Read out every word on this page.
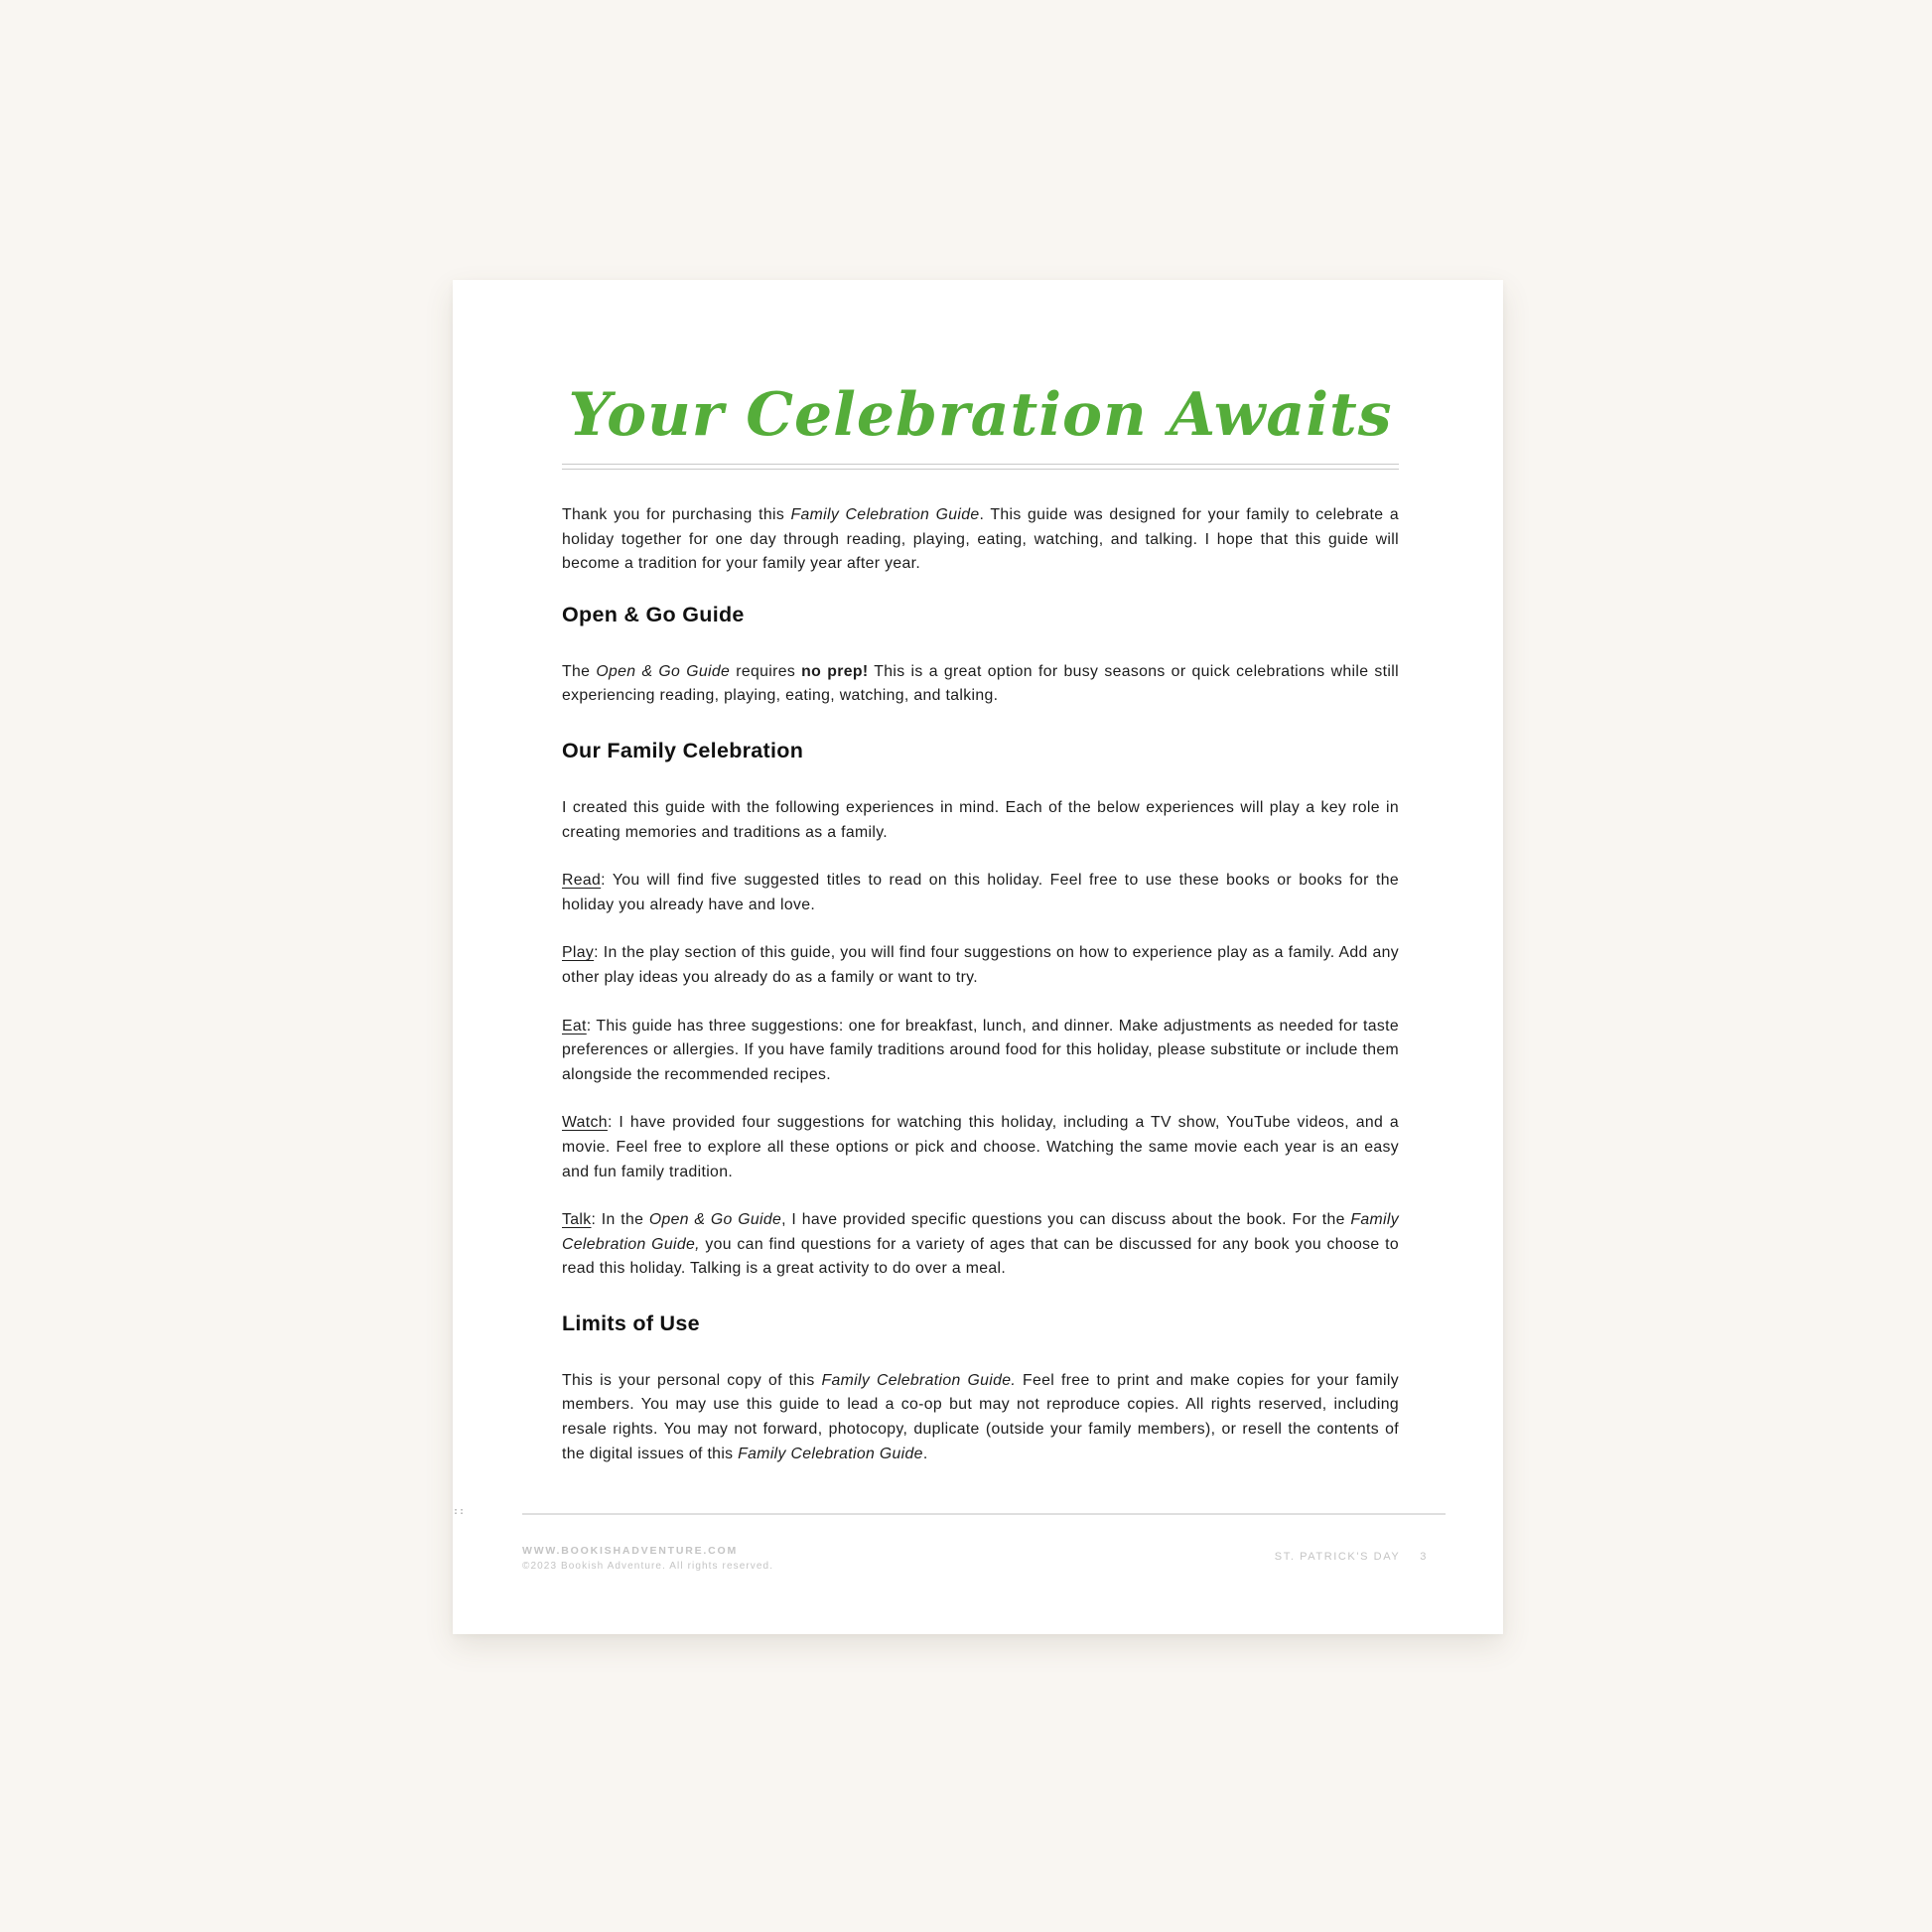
::
Your Celebration Awaits

Thank you for purchasing this Family Celebration Guide. This guide was designed for your family to celebrate a holiday together for one day through reading, playing, eating, watching, and talking. I hope that this guide will become a tradition for your family year after year.

Open & Go Guide

The Open & Go Guide requires no prep! This is a great option for busy seasons or quick celebrations while still experiencing reading, playing, eating, watching, and talking.

Our Family Celebration

I created this guide with the following experiences in mind. Each of the below experiences will play a key role in creating memories and traditions as a family.

Read: You will find five suggested titles to read on this holiday. Feel free to use these books or books for the holiday you already have and love.

Play: In the play section of this guide, you will find four suggestions on how to experience play as a family. Add any other play ideas you already do as a family or want to try.

Eat: This guide has three suggestions: one for breakfast, lunch, and dinner. Make adjustments as needed for taste preferences or allergies. If you have family traditions around food for this holiday, please substitute or include them alongside the recommended recipes.

Watch: I have provided four suggestions for watching this holiday, including a TV show, YouTube videos, and a movie. Feel free to explore all these options or pick and choose. Watching the same movie each year is an easy and fun family tradition.

Talk: In the Open & Go Guide, I have provided specific questions you can discuss about the book. For the Family Celebration Guide, you can find questions for a variety of ages that can be discussed for any book you choose to read this holiday. Talking is a great activity to do over a meal.

Limits of Use

This is your personal copy of this Family Celebration Guide. Feel free to print and make copies for your family members. You may use this guide to lead a co-op but may not reproduce copies. All rights reserved, including resale rights. You may not forward, photocopy, duplicate (outside your family members), or resell the contents of the digital issues of this Family Celebration Guide.

WWW.BOOKISHADVENTURE.COM
©2023 Bookish Adventure. All rights reserved.
ST. PATRICK'S DAY 3
